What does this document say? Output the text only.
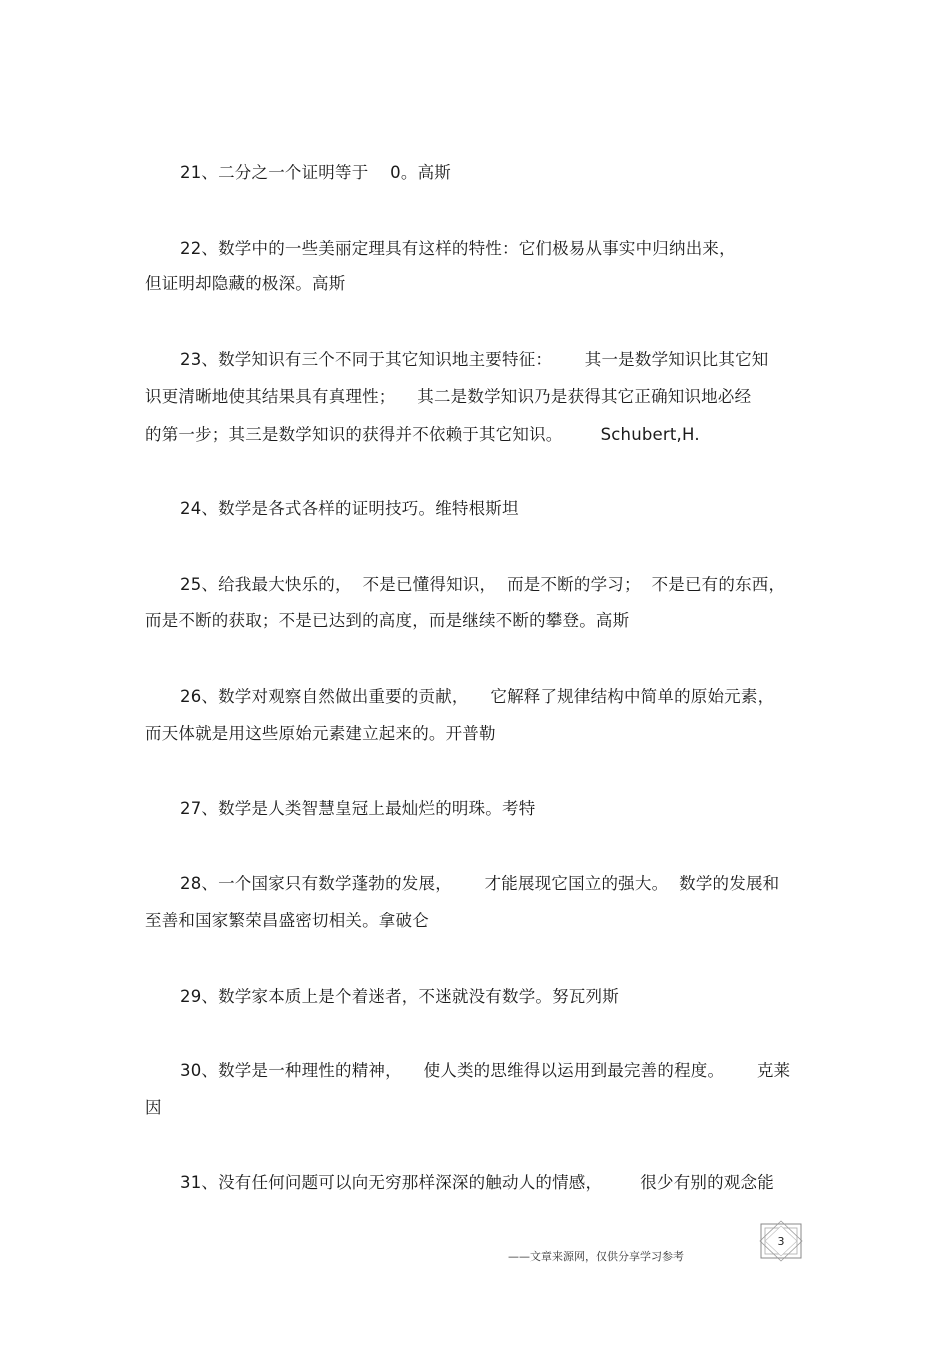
21、二分之一个证明等于    0。高斯
22、数学中的一些美丽定理具有这样的特性：它们极易从事实中归纳出来，
但证明却隐藏的极深。高斯
23、数学知识有三个不同于其它知识地主要特征：      其一是数学知识比其它知
识更清晰地使其结果具有真理性；    其二是数学知识乃是获得其它正确知识地必经
的第一步；其三是数学知识的获得并不依赖于其它知识。       Schubert,H.
24、数学是各式各样的证明技巧。维特根斯坦
25、给我最大快乐的，  不是已懂得知识，  而是不断的学习；  不是已有的东西，
而是不断的获取；不是已达到的高度，而是继续不断的攀登。高斯
26、数学对观察自然做出重要的贡献，    它解释了规律结构中简单的原始元素，
而天体就是用这些原始元素建立起来的。开普勒
27、数学是人类智慧皇冠上最灿烂的明珠。考特
28、一个国家只有数学蓬勃的发展，      才能展现它国立的强大。  数学的发展和
至善和国家繁荣昌盛密切相关。拿破仑
29、数学家本质上是个着迷者，不迷就没有数学。努瓦列斯
30、数学是一种理性的精神，    使人类的思维得以运用到最完善的程度。      克莱
因
31、没有任何问题可以向无穷那样深深的触动人的情感，       很少有别的观念能
——文章来源网，仅供分享学习参考
3
